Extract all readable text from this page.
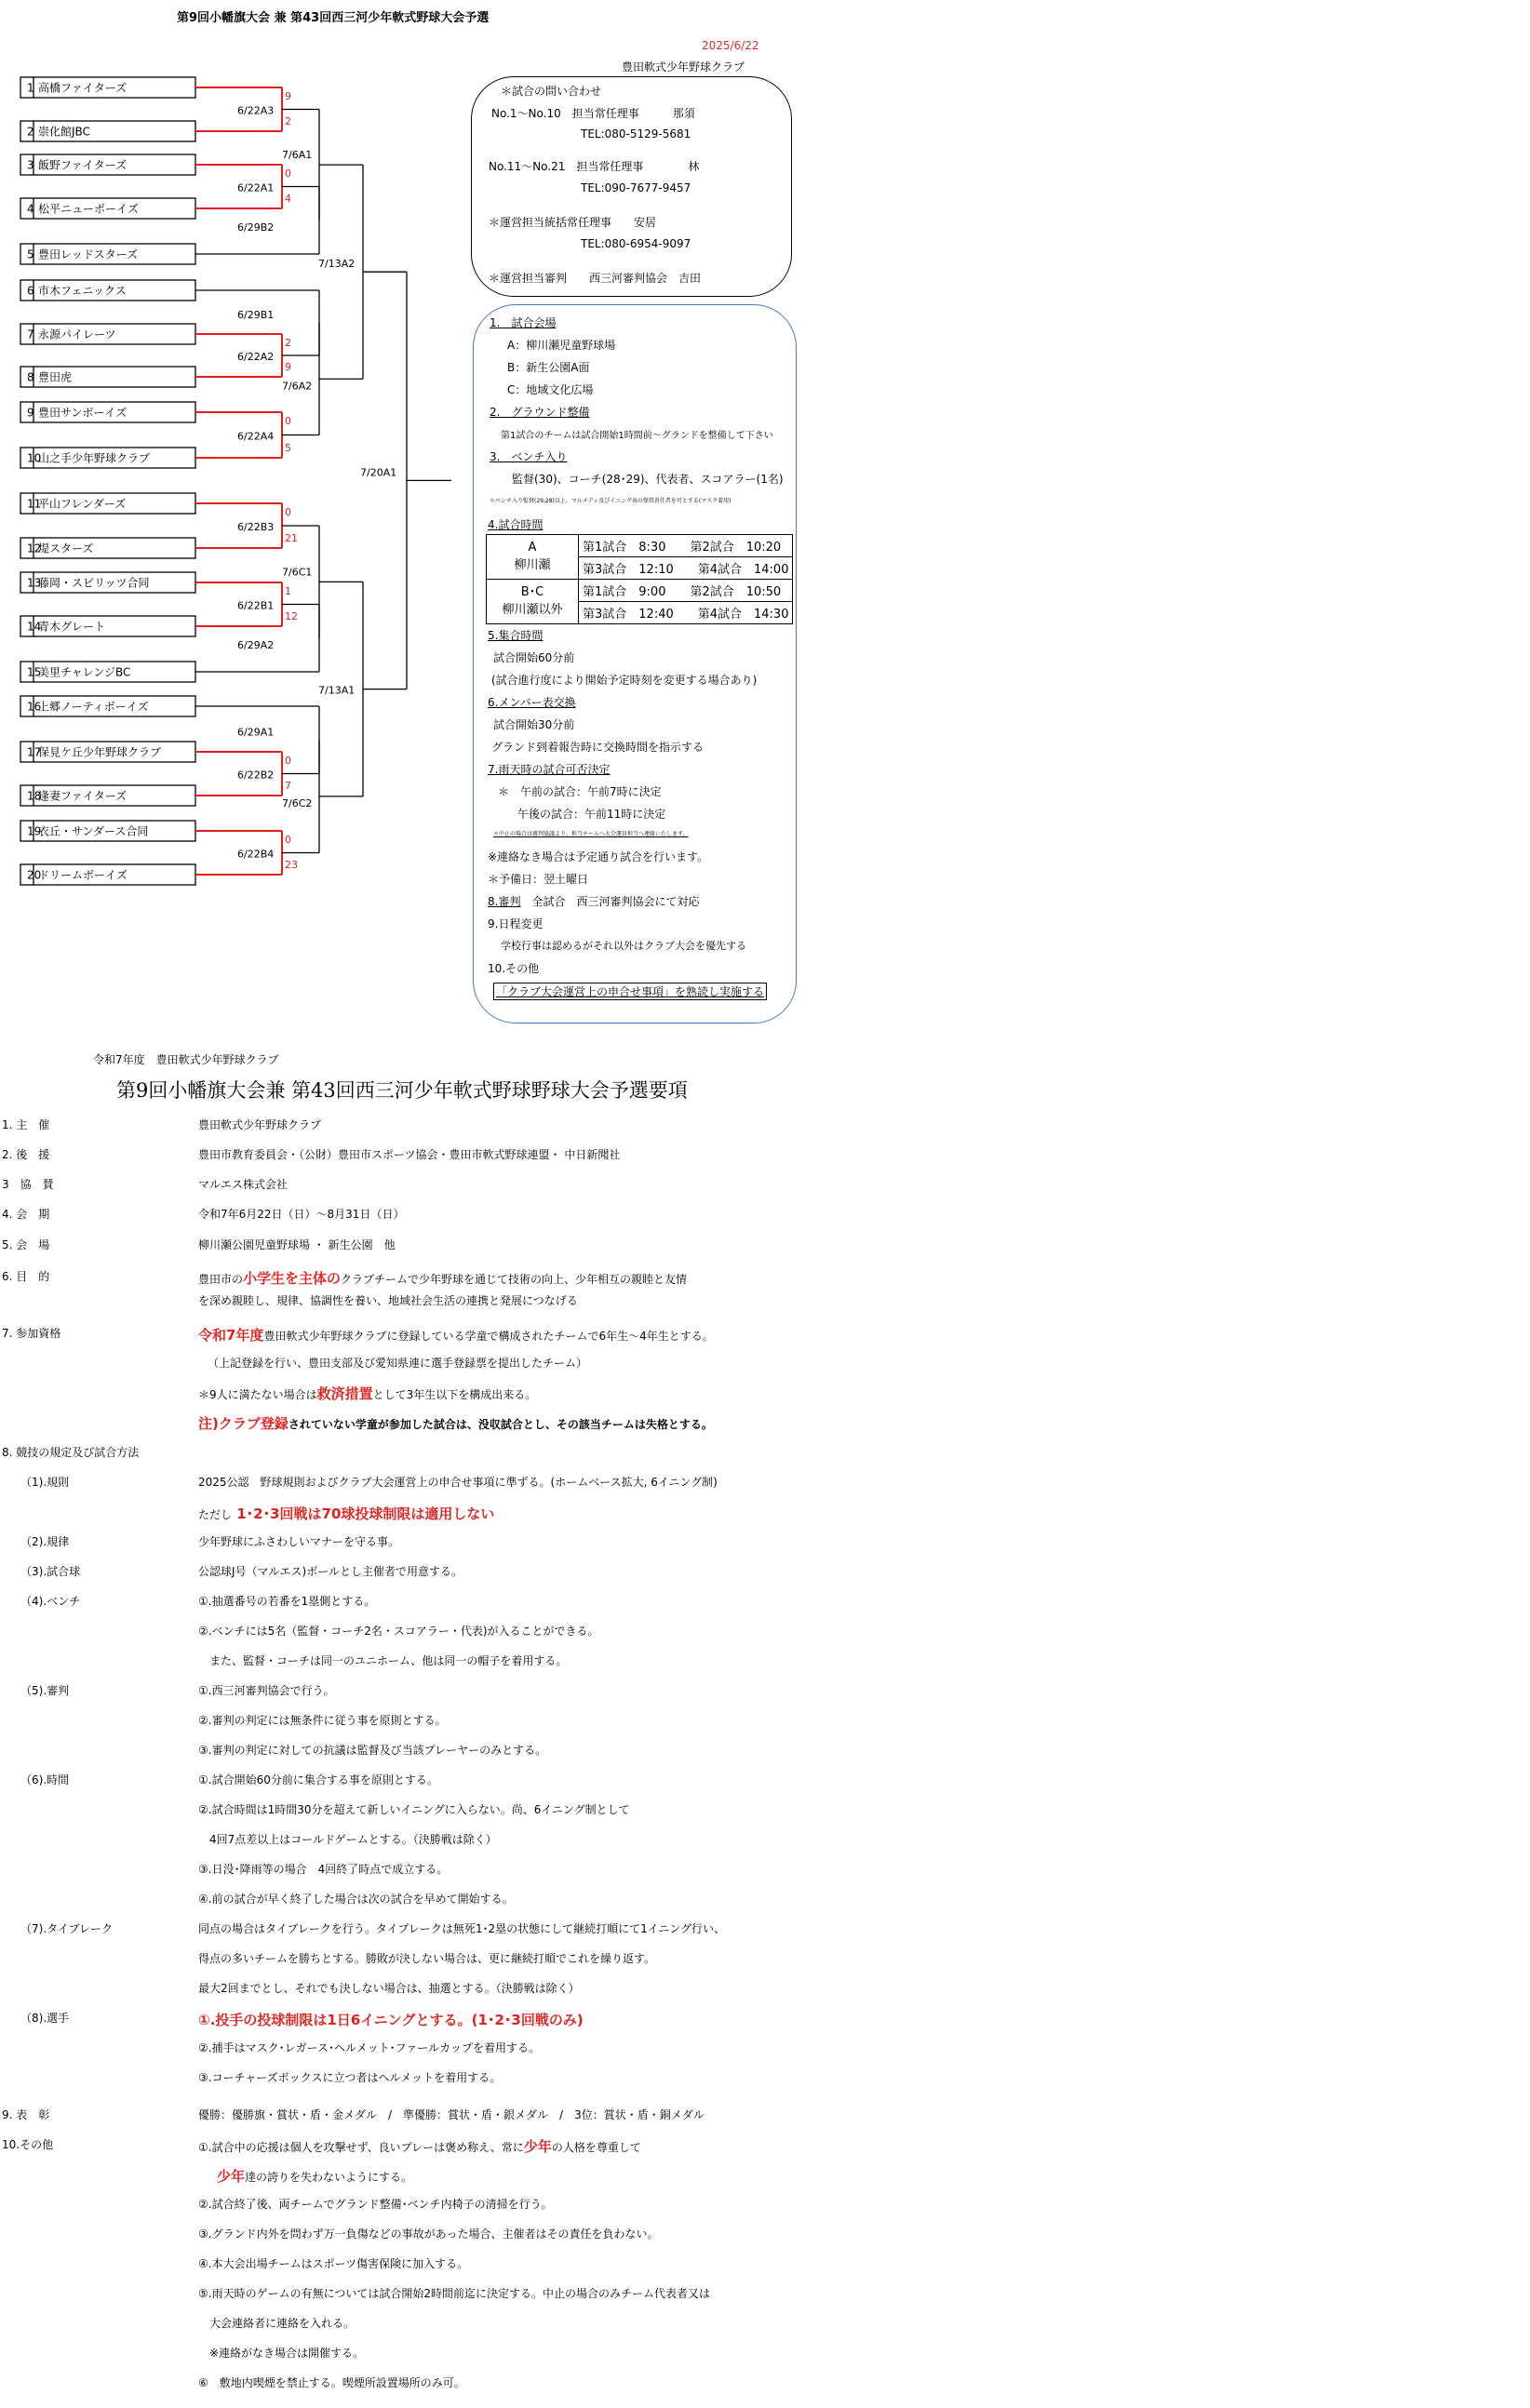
第9回小幡旗大会 兼 第43回西三河少年軟式野球大会予選
2025/6/22
豊田軟式少年野球クラブ
1 高橋ファイターズ
2 崇化館JBC
3 飯野ファイターズ
4 松平ニューボーイズ
5 豊田レッドスターズ
6 市木フェニックス
7 永源パイレーツ
8 豊田虎
9 豊田サンボーイズ
10
山之手少年野球クラブ
11
平山フレンダーズ
12
堤スターズ
13
藤岡・スピリッツ合同
14
青木グレート
15
美里チャレンジBC
16
上郷ノーティボーイズ
17
保見ケ丘少年野球クラブ
18
逢妻ファイターズ
19
衣丘・サンダース合同
20
ドリームボーイズ
9
2
6/22A3
0
4
6/22A1
2
9
6/22A2
0
5
6/22A4
0
21
6/22B3
1
12
6/22B1
0
7
6/22B2
0
23
6/22B4
6/29B2
7/6A1
6/29B1
7/6A2
7/13A2
6/29A2
7/6C1
6/29A1
7/6C2
7/13A1
7/20A1
＊試合の問い合わせ
No.1～No.10　担当常任理事　　　那須
TEL:080-5129-5681
No.11～No.21　担当常任理事　　　　林
TEL:090-7677-9457
＊運営担当統括常任理事　　安居
TEL:080-6954-9097
＊運営担当審判　　西三河審判協会　吉田
1.　試合会場
A：柳川瀬児童野球場
B：新生公園A面
C：地域文化広場
2.　グラウンド整備
第1試合のチームは試合開始1時間前～グランドを整備して下さい
3.　ベンチ入り
監督(30)、コーチ(28･29)、代表者、スコアラー(1名)
＊ベンチ入り監督(29,28)以上、マルメディ及びイニング表の保管責任者を可とする(マスク着用)
4.試合時間
A
柳川瀬	第1試合　8:30　　第2試合　10:20
	第3試合　12:10　　第4試合　14:00
B･C
柳川瀬以外	第1試合　9:00　　第2試合　10:50
	第3試合　12:40　　第4試合　14:30
5.集合時間
試合開始60分前
(試合進行度により開始予定時刻を変更する場合あり)
6.メンバー表交換
試合開始30分前
グランド到着報告時に交換時間を指示する
7.雨天時の試合可否決定
＊　午前の試合：午前7時に決定
午後の試合：午前11時に決定
＊中止の場合は審判協議より、担当チームへ大会運営担当へ連絡いたします。
※連絡なき場合は予定通り試合を行います。
＊予備日：翌土曜日
8.審判　 全試合　西三河審判協会にて対応
9.日程変更
学校行事は認めるがそれ以外はクラブ大会を優先する
10.その他
「クラブ大会運営上の申合せ事項」を熟読し実施する
令和7年度　豊田軟式少年野球クラブ
第9回小幡旗大会兼 第43回西三河少年軟式野球野球大会予選要項
1. 主　催	豊田軟式少年野球クラブ
2. 後　援	豊田市教育委員会・（公財）豊田市スポーツ協会・豊田市軟式野球連盟・ 中日新聞社
3　協　賛	マルエス株式会社
4. 会　期	令和7年6月22日（日）～8月31日（日）
5. 会　場	柳川瀬公園児童野球場 ・ 新生公園　他
6. 目　的	豊田市の小学生を主体のクラブチームで少年野球を通じて技術の向上、少年相互の親睦と友情
を深め親睦し、規律、協調性を養い、地域社会生活の連携と発展につなげる
7. 参加資格	令和7年度豊田軟式少年野球クラブに登録している学童で構成されたチームで6年生～4年生とする。
（上記登録を行い、豊田支部及び愛知県連に選手登録票を提出したチーム）
＊9人に満たない場合は救済措置として3年生以下を構成出来る。
注)クラブ登録されていない学童が参加した試合は、没収試合とし、その該当チームは失格とする。
8. 競技の規定及び試合方法
（1).規則	2025公認　野球規則およびクラブ大会運営上の申合せ事項に準ずる。(ホームベース拡大, 6イニング制)
ただし 1･2･3回戦は70球投球制限は適用しない
（2).規律	少年野球にふさわしいマナーを守る事。
（3).試合球	公認球J号（マルエス)ボールとし主催者で用意する。
（4).ベンチ	①.抽選番号の若番を1塁側とする。
②.ベンチには5名（監督・コーチ2名・スコアラー・代表)が入ることができる。
　また、監督・コーチは同一のユニホーム、他は同一の帽子を着用する。
（5).審判	①.西三河審判協会で行う。
②.審判の判定には無条件に従う事を原則とする。
③.審判の判定に対しての抗議は監督及び当該プレーヤーのみとする。
（6).時間	①.試合開始60分前に集合する事を原則とする。
②.試合時間は1時間30分を超えて新しいイニングに入らない。尚、6イニング制として
　4回7点差以上はコールドゲームとする。（決勝戦は除く）
③.日没･降雨等の場合　4回終了時点で成立する。
④.前の試合が早く終了した場合は次の試合を早めて開始する。
（7).タイブレーク	同点の場合はタイブレークを行う。タイブレークは無死1･2塁の状態にして継続打順にて1イニング行い、
得点の多いチームを勝ちとする。勝敗が決しない場合は、更に継続打順でこれを繰り返す。
最大2回までとし、それでも決しない場合は、抽選とする。（決勝戦は除く）
（8).選手	①.投手の投球制限は1日6イニングとする。(1･2･3回戦のみ)
②.捕手はマスク･レガース･ヘルメット･ファールカップを着用する。
③.コーチャーズボックスに立つ者はヘルメットを着用する。
9. 表　彰	優勝：優勝旗・賞状・盾・金メダル　/　準優勝：賞状・盾・銀メダル　/　3位：賞状・盾・銅メダル
10.その他	①.試合中の応援は個人を攻撃せず、良いプレーは褒め称え、常に少年の人格を尊重して
少年達の誇りを失わないようにする。
②.試合終了後、両チームでグランド整備･ベンチ内椅子の清掃を行う。
③.グランド内外を問わず万一負傷などの事故があった場合、主催者はその責任を負わない。
④.本大会出場チームはスポーツ傷害保険に加入する。
⑤.雨天時のゲームの有無については試合開始2時間前迄に決定する。中止の場合のみチーム代表者又は
　大会連絡者に連絡を入れる。
　※連絡がなき場合は開催する。
⑥　敷地内喫煙を禁止する。喫煙所設置場所のみ可。
